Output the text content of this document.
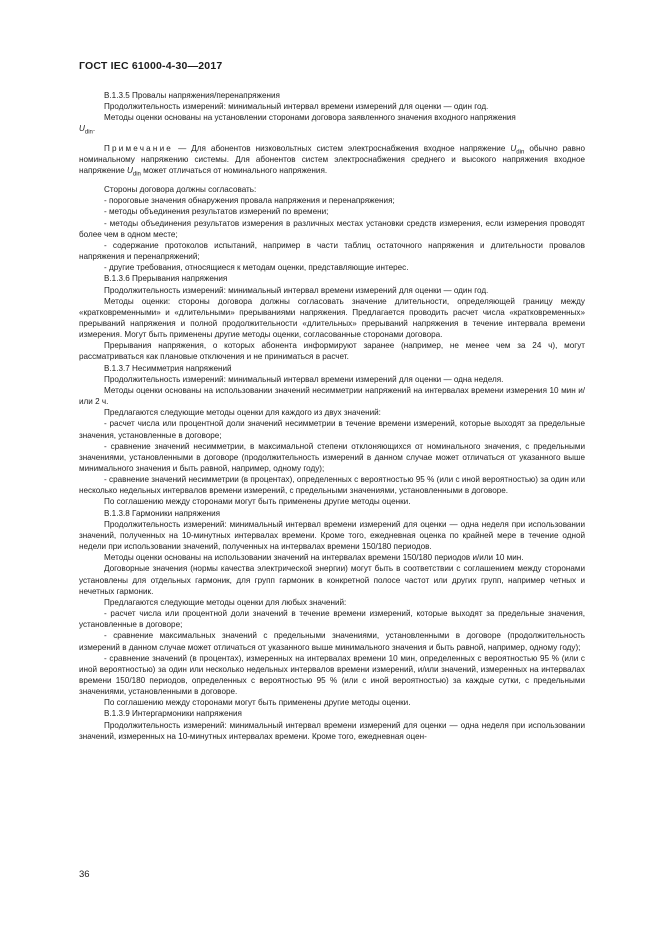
ГОСТ IEC 61000-4-30—2017
В.1.3.5 Провалы напряжения/перенапряжения
Продолжительность измерений: минимальный интервал времени измерений для оценки — один год.
Методы оценки основаны на установлении сторонами договора заявленного значения входного напряжения
$U_{din}$.
Примечание — Для абонентов низковольтных систем электроснабжения входное напряжение $U_{din}$ обычно равно номинальному напряжению системы. Для абонентов систем электроснабжения среднего и высокого напряжения входное напряжение $U_{din}$ может отличаться от номинального напряжения.
Стороны договора должны согласовать:
- пороговые значения обнаружения провала напряжения и перенапряжения;
- методы объединения результатов измерений по времени;
- методы объединения результатов измерения в различных местах установки средств измерения, если измерения проводят более чем в одном месте;
- содержание протоколов испытаний, например в части таблиц остаточного напряжения и длительности провалов напряжения и перенапряжений;
- другие требования, относящиеся к методам оценки, представляющие интерес.
В.1.3.6 Прерывания напряжения
Продолжительность измерений: минимальный интервал времени измерений для оценки — один год.
Методы оценки: стороны договора должны согласовать значение длительности, определяющей границу между «кратковременными» и «длительными» прерываниями напряжения. Предлагается проводить расчет числа «кратковременных» прерываний напряжения и полной продолжительности «длительных» прерываний напряжения в течение интервала времени измерения. Могут быть применены другие методы оценки, согласованные сторонами договора.
Прерывания напряжения, о которых абонента информируют заранее (например, не менее чем за 24 ч), могут рассматриваться как плановые отключения и не приниматься в расчет.
В.1.3.7 Несимметрия напряжений
Продолжительность измерений: минимальный интервал времени измерений для оценки — одна неделя.
Методы оценки основаны на использовании значений несимметрии напряжений на интервалах времени измерения 10 мин и/или 2 ч.
Предлагаются следующие методы оценки для каждого из двух значений:
- расчет числа или процентной доли значений несимметрии в течение времени измерений, которые выходят за предельные значения, установленные в договоре;
- сравнение значений несимметрии, в максимальной степени отклоняющихся от номинального значения, с предельными значениями, установленными в договоре (продолжительность измерений в данном случае может отличаться от указанного выше минимального значения и быть равной, например, одному году);
- сравнение значений несимметрии (в процентах), определенных с вероятностью 95 % (или с иной вероятностью) за один или несколько недельных интервалов времени измерений, с предельными значениями, установленными в договоре.
По соглашению между сторонами могут быть применены другие методы оценки.
В.1.3.8 Гармоники напряжения
Продолжительность измерений: минимальный интервал времени измерений для оценки — одна неделя при использовании значений, полученных на 10-минутных интервалах времени. Кроме того, ежедневная оценка по крайней мере в течение одной недели при использовании значений, полученных на интервалах времени 150/180 периодов.
Методы оценки основаны на использовании значений на интервалах времени 150/180 периодов и/или 10 мин.
Договорные значения (нормы качества электрической энергии) могут быть в соответствии с соглашением между сторонами установлены для отдельных гармоник, для групп гармоник в конкретной полосе частот или других групп, например четных и нечетных гармоник.
Предлагаются следующие методы оценки для любых значений:
- расчет числа или процентной доли значений в течение времени измерений, которые выходят за предельные значения, установленные в договоре;
- сравнение максимальных значений с предельными значениями, установленными в договоре (продолжительность измерений в данном случае может отличаться от указанного выше минимального значения и быть равной, например, одному году);
- сравнение значений (в процентах), измеренных на интервалах времени 10 мин, определенных с вероятностью 95 % (или с иной вероятностью) за один или несколько недельных интервалов времени измерений, и/или значений, измеренных на интервалах времени 150/180 периодов, определенных с вероятностью 95 % (или с иной вероятностью) за каждые сутки, с предельными значениями, установленными в договоре.
По соглашению между сторонами могут быть применены другие методы оценки.
В.1.3.9 Интергармоники напряжения
Продолжительность измерений: минимальный интервал времени измерений для оценки — одна неделя при использовании значений, измеренных на 10-минутных интервалах времени. Кроме того, ежедневная оцен-
36
